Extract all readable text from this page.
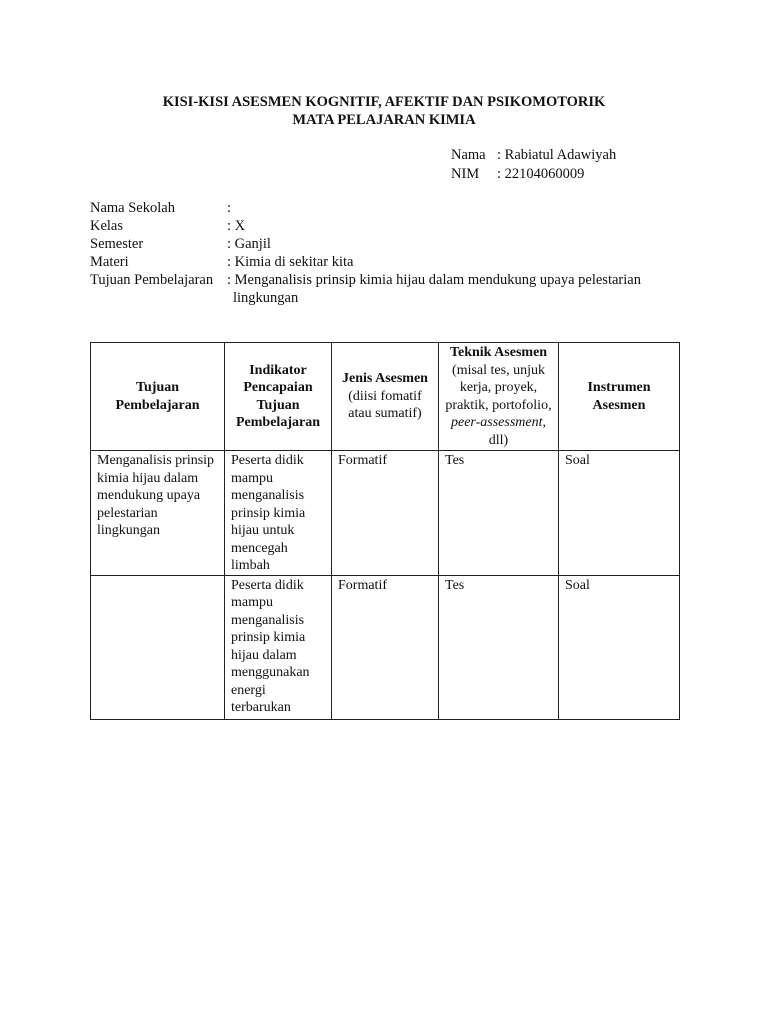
KISI-KISI ASESMEN KOGNITIF, AFEKTIF DAN PSIKOMOTORIK
MATA PELAJARAN KIMIA
Nama : Rabiatul Adawiyah
NIM	: 22104060009
Nama Sekolah	:
Kelas	: X
Semester	: Ganjil
Materi	: Kimia di sekitar kita
Tujuan Pembelajaran : Menganalisis prinsip kimia hijau dalam mendukung upaya pelestarian
lingkungan
Tujuan Pembelajaran	Indikator Pencapaian Tujuan Pembelajaran	Jenis Asesmen (diisi fomatif atau sumatif)	Teknik Asesmen (misal tes, unjuk kerja, proyek, praktik, portofolio, peer-assessment, dll)	Instrumen Asesmen

Menganalisis prinsip kimia hijau dalam mendukung upaya pelestarian lingkungan	Peserta didik mampu menganalisis prinsip kimia hijau untuk mencegah limbah	Formatif	Tes	Soal
	Peserta didik mampu menganalisis prinsip kimia hijau dalam menggunakan energi terbarukan	Formatif	Tes	Soal
